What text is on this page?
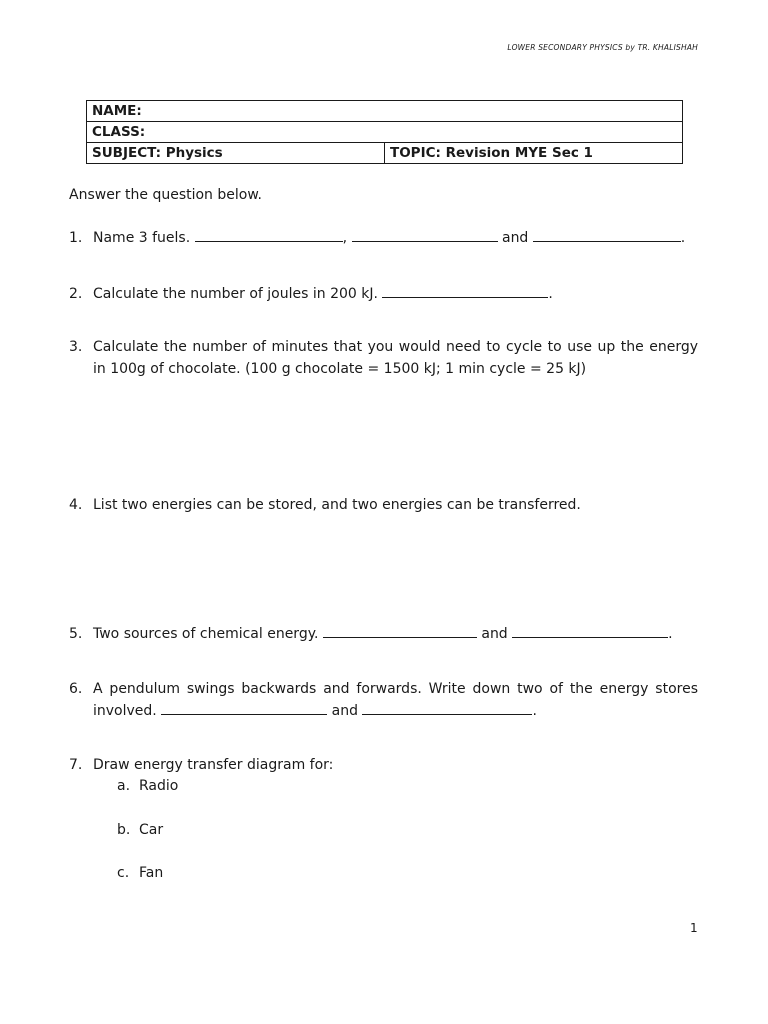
LOWER SECONDARY PHYSICS by TR. KHALISHAH
NAME:
CLASS:
SUBJECT: Physics	TOPIC: Revision MYE Sec 1
Answer the question below.
1. Name 3 fuels.	,	and	.
2. Calculate the number of joules in 200 kJ.	.
3. Calculate the number of minutes that you would need to cycle to use up the energy in 100g of chocolate. (100 g chocolate = 1500 kJ; 1 min cycle = 25 kJ)
4. List two energies can be stored, and two energies can be transferred.
5. Two sources of chemical energy.	and	.
6. A pendulum swings backwards and forwards. Write down two of the energy stores involved.	and	.
7. Draw energy transfer diagram for:
a. Radio
b. Car
c. Fan
1
